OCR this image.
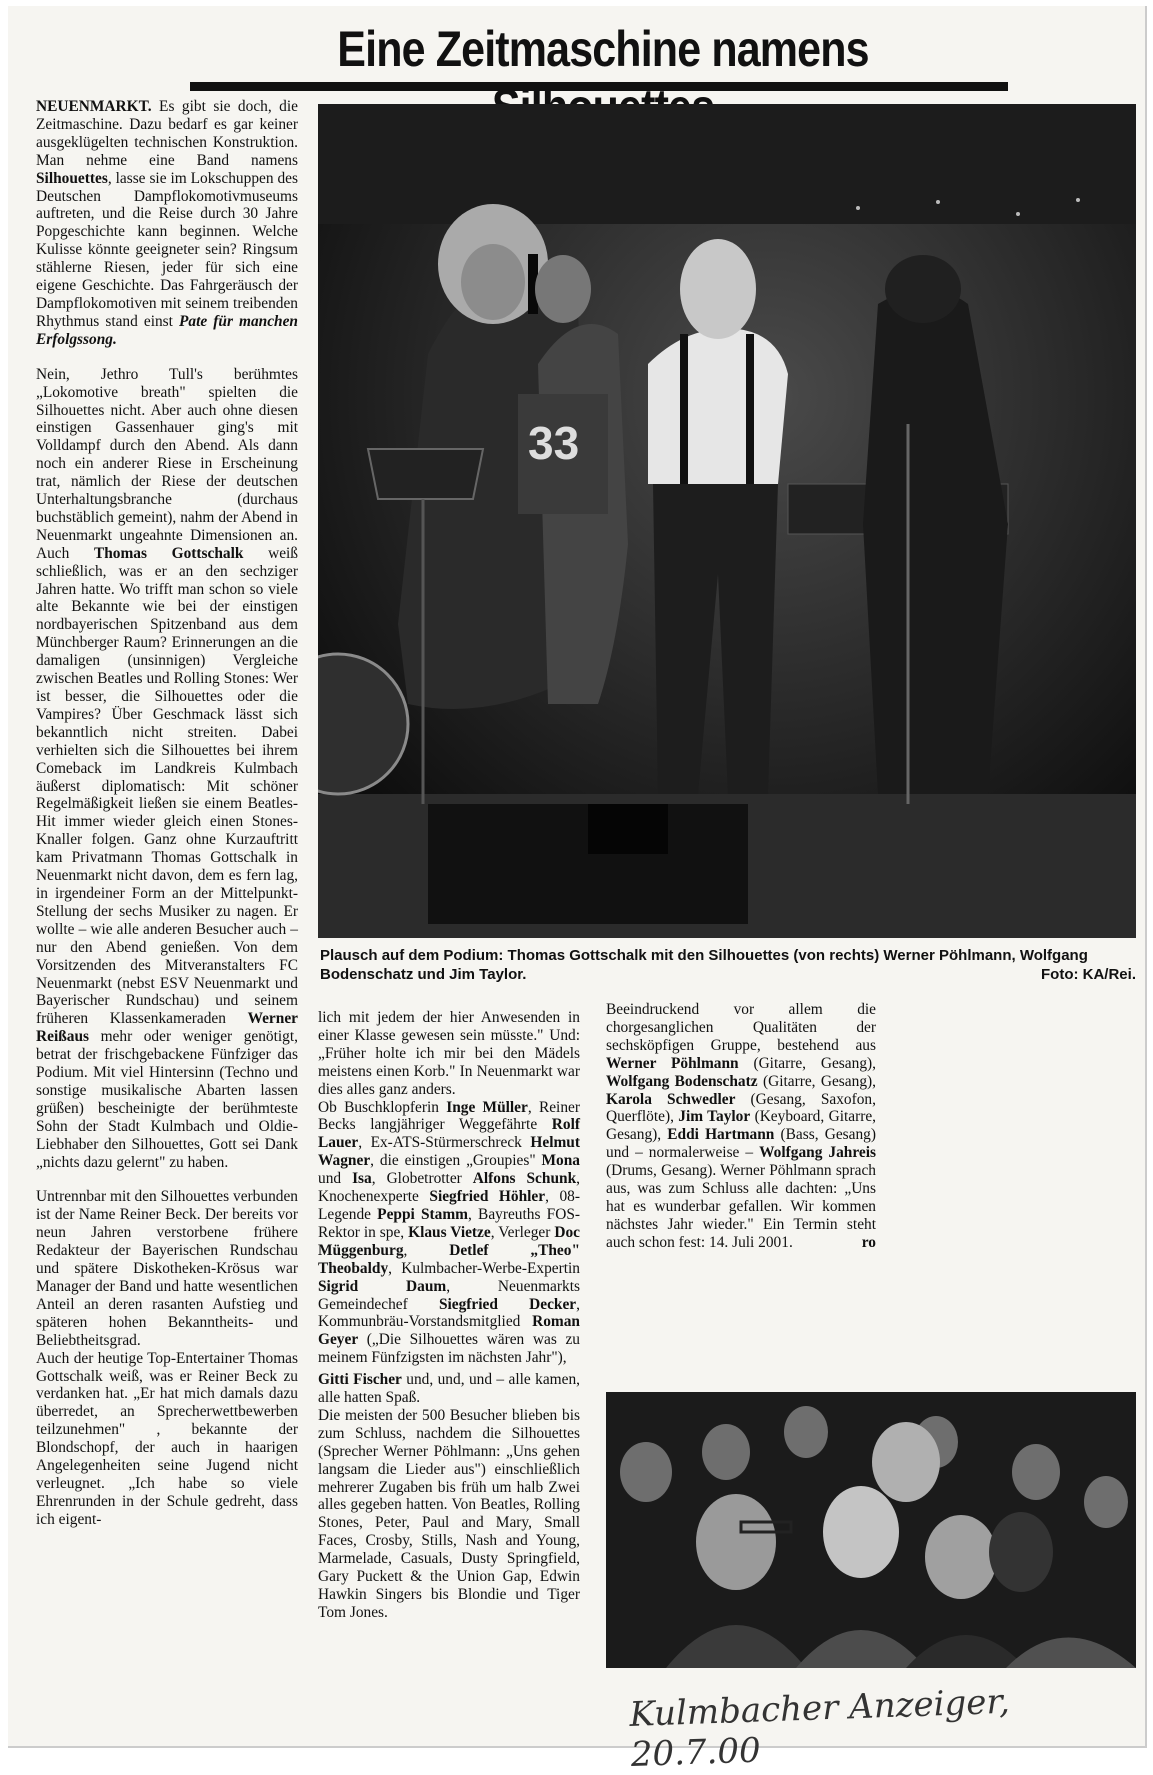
Eine Zeitmaschine namens

NEUENMARKT. Es gibt sie doch, die Zeitmaschine. Dazu bedarf es gar keiner ausgeklügelten technischen Konstruktion. Man nehme eine Band namens Silhouettes, lasse sie im Lokschuppen des Deutschen Dampflokomotivmuseums auftreten, und die Reise durch 30 Jahre Popgeschichte kann beginnen. Welche Kulisse könnte geeigneter sein? Ringsum stählerne Riesen, jeder für sich eine eigene Geschichte. Das Fahrgeräusch der Dampflokomotiven mit seinem treibenden Rhythmus stand einst Pate für manchen Erfolgssong.

Nein, Jethro Tull's berühmtes „Lokomotive breath" spielten die Silhouettes nicht. Aber auch ohne diesen einstigen Gassenhauer ging's mit Volldampf durch den Abend. Als dann noch ein anderer Riese in Erscheinung trat, nämlich der Riese der deutschen Unterhaltungsbranche (durchaus buchstäblich gemeint), nahm der Abend in Neuenmarkt ungeahnte Dimensionen an. Auch Thomas Gottschalk weiß schließlich, was er an den sechziger Jahren hatte. Wo trifft man schon so viele alte Bekannte wie bei der einstigen nordbayerischen Spitzenband aus dem Münchberger Raum? Erinnerungen an die damaligen (unsinnigen) Vergleiche zwischen Beatles und Rolling Stones: Wer ist besser, die Silhouettes oder die Vampires? Über Geschmack lässt sich bekanntlich nicht streiten. Dabei verhielten sich die Silhouettes bei ihrem Comeback im Landkreis Kulmbach äußerst diplomatisch: Mit schöner Regelmäßigkeit ließen sie einem Beatles-Hit immer wieder gleich einen Stones-Knaller folgen. Ganz ohne Kurzauftritt kam Privatmann Thomas Gottschalk in Neuenmarkt nicht davon, dem es fern lag, in irgendeiner Form an der Mittelpunkt-Stellung der sechs Musiker zu nagen. Er wollte – wie alle anderen Besucher auch – nur den Abend genießen. Von dem Vorsitzenden des Mitveranstalters FC Neuenmarkt (nebst ESV Neuenmarkt und Bayerischer Rundschau) und seinem früheren Klassenkameraden Werner Reißaus mehr oder weniger genötigt, betrat der frischgebackene Fünfziger das Podium. Mit viel Hintersinn (Techno und sonstige musikalische Abarten lassen grüßen) bescheinigte der berühmteste Sohn der Stadt Kulmbach und Oldie-Liebhaber den Silhouettes, Gott sei Dank „nichts dazu gelernt" zu haben.

Untrennbar mit den Silhouettes verbunden ist der Name Reiner Beck. Der bereits vor neun Jahren verstorbene frühere Redakteur der Bayerischen Rundschau und spätere Diskotheken-Krösus war Manager der Band und hatte wesentlichen Anteil an deren rasanten Aufstieg und späteren hohen Bekanntheits- und Beliebtheitsgrad.

Auch der heutige Top-Entertainer Thomas Gottschalk weiß, was er Reiner Beck zu verdanken hat. „Er hat mich damals dazu überredet, an Sprecherwettbewerben teilzunehmen" , bekannte der Blondschopf, der auch in haarigen Angelegenheiten seine Jugend nicht verleugnet. „Ich habe so viele Ehrenrunden in der Schule gedreht, dass ich eigent-

33
Plausch auf dem Podium: Thomas Gottschalk mit den Silhouettes (von rechts) Werner Pöhlmann, Wolfgang Bodenschatz und Jim Taylor.	Foto: KA/Rei.

lich mit jedem der hier Anwesenden in einer Klasse gewesen sein müsste." Und: „Früher holte ich mir bei den Mädels meistens einen Korb." In Neuenmarkt war dies alles ganz anders.

Ob Buschklopferin Inge Müller, Reiner Becks langjähriger Weggefährte Rolf Lauer, Ex-ATS-Stürmerschreck Helmut Wagner, die einstigen „Groupies" Mona und Isa, Globetrotter Alfons Schunk, Knochenexperte Siegfried Höhler, 08-Legende Peppi Stamm, Bayreuths FOS-Rektor in spe, Klaus Vietze, Verleger Doc Müggenburg, Detlef „Theo" Theobaldy, Kulmbacher-Werbe-Expertin Sigrid Daum, Neuenmarkts Gemeindechef Siegfried Decker, Kommunbräu-Vorstandsmitglied Roman Geyer („Die Silhouettes wären was zu meinem Fünfzigsten im nächsten Jahr"),

Gitti Fischer und, und, und – alle kamen, alle hatten Spaß.

Die meisten der 500 Besucher blieben bis zum Schluss, nachdem die Silhouettes (Sprecher Werner Pöhlmann: „Uns gehen langsam die Lieder aus") einschließlich mehrerer Zugaben bis früh um halb Zwei alles gegeben hatten. Von Beatles, Rolling Stones, Peter, Paul and Mary, Small Faces, Crosby, Stills, Nash and Young, Marmelade, Casuals, Dusty Springfield, Gary Puckett & the Union Gap, Edwin Hawkin Singers bis Blondie und Tiger Tom Jones.

Beeindruckend vor allem die chorgesanglichen Qualitäten der sechsköpfigen Gruppe, bestehend aus Werner Pöhlmann (Gitarre, Gesang), Wolfgang Bodenschatz (Gitarre, Gesang), Karola Schwedler (Gesang, Saxofon, Querflöte), Jim Taylor (Keyboard, Gitarre, Gesang), Eddi Hartmann (Bass, Gesang) und – normalerweise – Wolfgang Jahreis (Drums, Gesang). Werner Pöhlmann sprach aus, was zum Schluss alle dachten: „Uns hat es wunderbar gefallen. Wir kommen nächstes Jahr wieder." Ein Termin steht auch schon fest: 14. Juli 2001.	ro

Kulmbacher Anzeiger, 20.7.00
